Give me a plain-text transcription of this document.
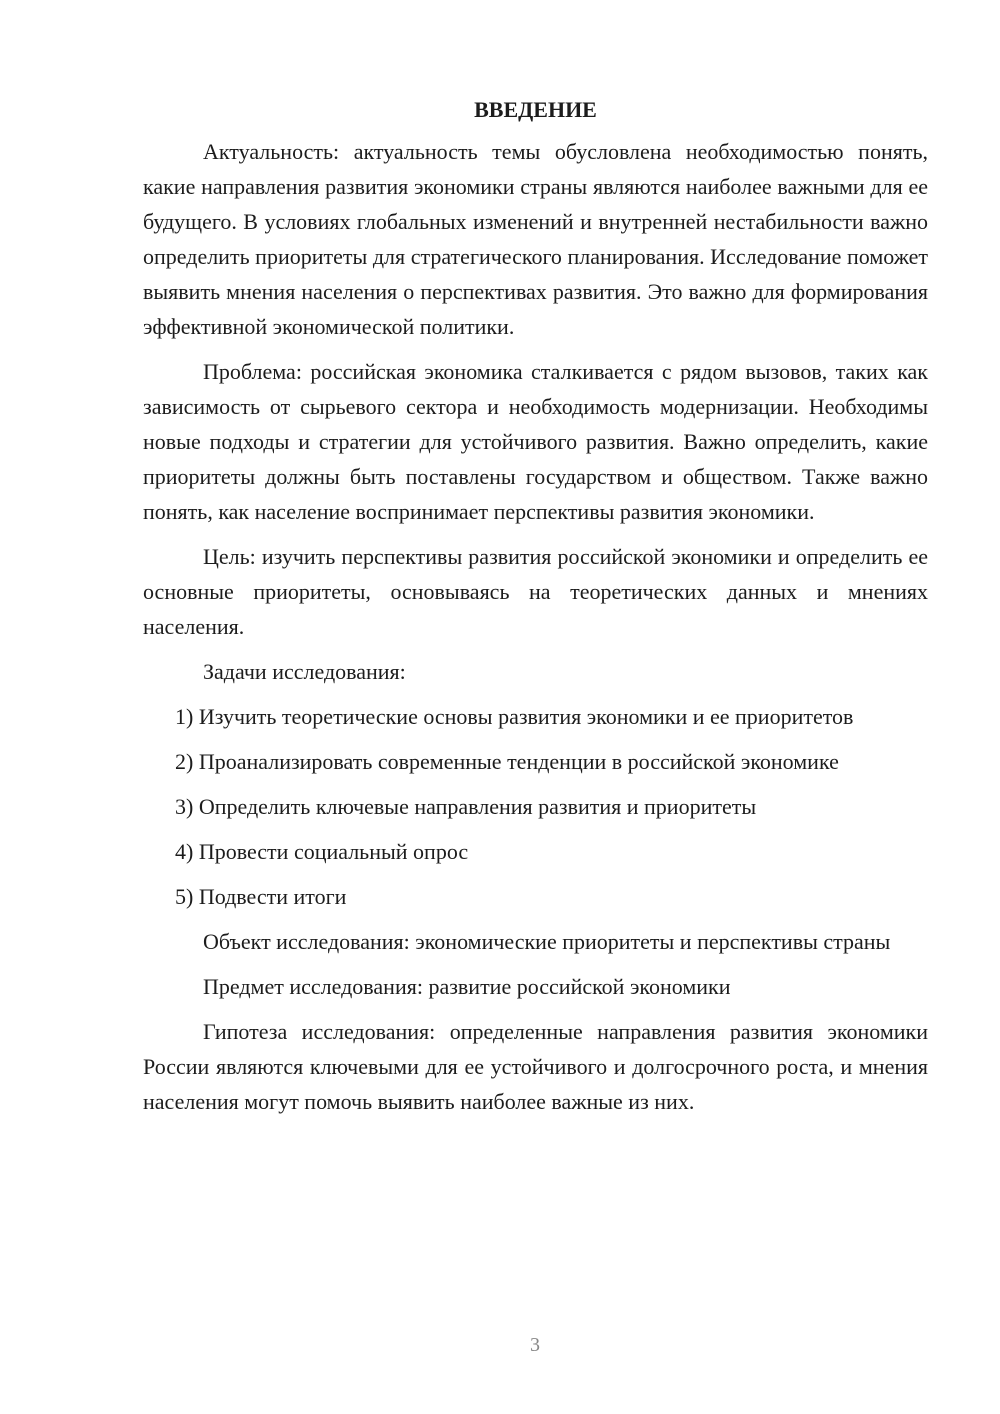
ВВЕДЕНИЕ

Актуальность: актуальность темы обусловлена необходимостью понять, какие направления развития экономики страны являются наиболее важными для ее будущего. В условиях глобальных изменений и внутренней нестабильности важно определить приоритеты для стратегического планирования. Исследование поможет выявить мнения населения о перспективах развития. Это важно для формирования эффективной экономической политики.

Проблема: российская экономика сталкивается с рядом вызовов, таких как зависимость от сырьевого сектора и необходимость модернизации. Необходимы новые подходы и стратегии для устойчивого развития. Важно определить, какие приоритеты должны быть поставлены государством и обществом. Также важно понять, как население воспринимает перспективы развития экономики.

Цель: изучить перспективы развития российской экономики и определить ее основные приоритеты, основываясь на теоретических данных и мнениях населения.

Задачи исследования:

1) Изучить теоретические основы развития экономики и ее приоритетов
2) Проанализировать современные тенденции в российской экономике
3) Определить ключевые направления развития и приоритеты
4) Провести социальный опрос
5) Подвести итоги

Объект исследования: экономические приоритеты и перспективы страны

Предмет исследования: развитие российской экономики

Гипотеза исследования: определенные направления развития экономики России являются ключевыми для ее устойчивого и долгосрочного роста, и мнения населения могут помочь выявить наиболее важные из них.

3
